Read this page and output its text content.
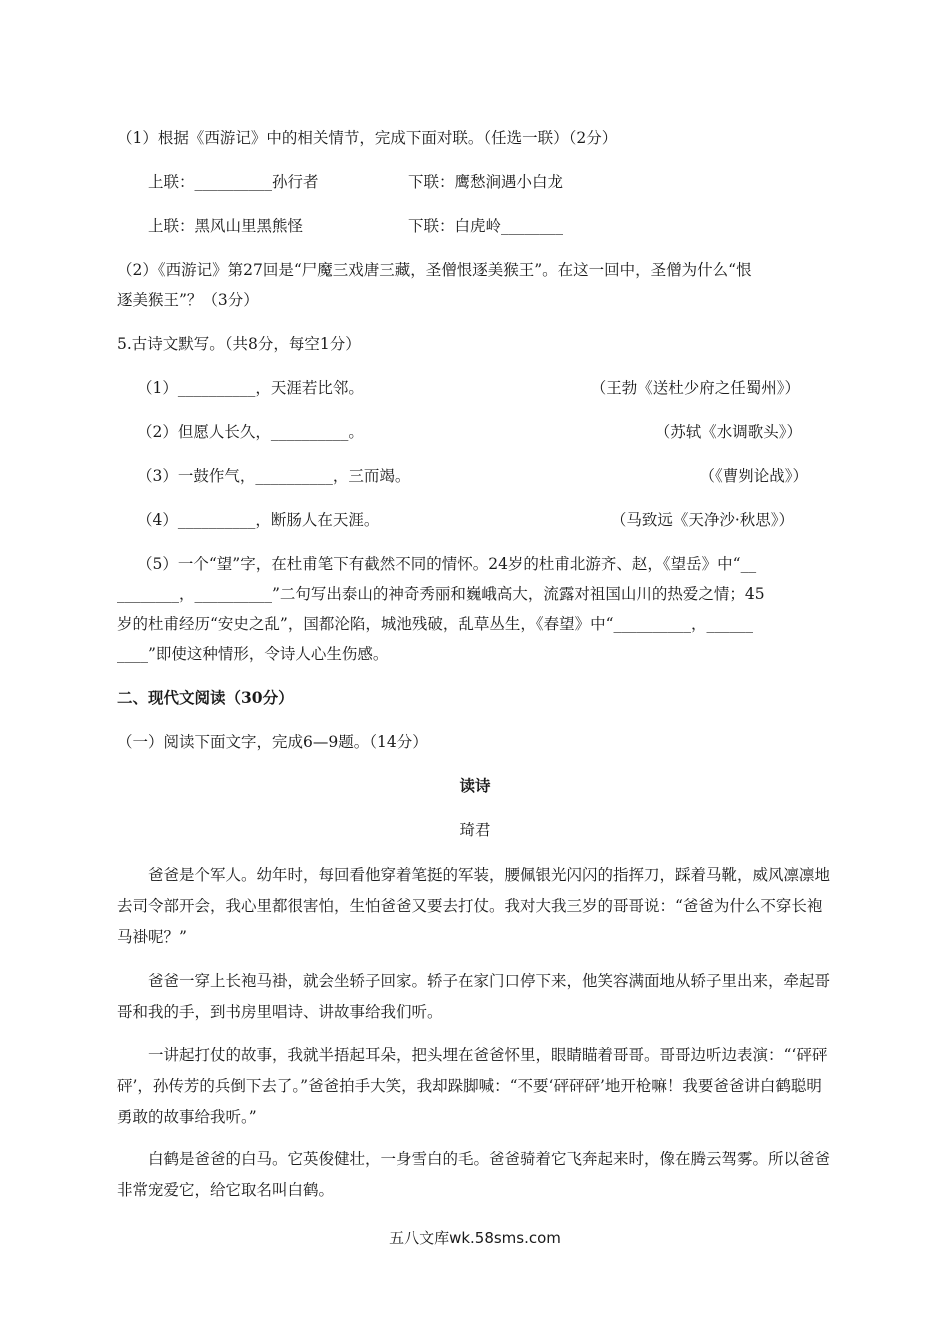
（1）根据《西游记》中的相关情节，完成下面对联。（任选一联）（2分）
上联：__________孙行者	下联：鹰愁涧遇小白龙
上联：黑风山里黑熊怪	下联：白虎岭________
（2）《西游记》第27回是“尸魔三戏唐三藏，圣僧恨逐美猴王”。在这一回中，圣僧为什么“恨
逐美猴王”？（3分）
5.古诗文默写。（共8分，每空1分）
（1）__________，天涯若比邻。	（王勃《送杜少府之任蜀州》）
（2）但愿人长久，__________。	（苏轼《水调歌头》）
（3）一鼓作气，__________，三而竭。	（《曹刿论战》）
（4）__________，断肠人在天涯。	（马致远《天净沙·秋思》）
（5）一个“望”字，在杜甫笔下有截然不同的情怀。24岁的杜甫北游齐、赵，《望岳》中“__
________，__________”二句写出泰山的神奇秀丽和巍峨高大，流露对祖国山川的热爱之情；45
岁的杜甫经历“安史之乱”，国都沦陷，城池残破，乱草丛生，《春望》中“__________，______
____”即使这种情形，令诗人心生伤感。
二、现代文阅读（30分）
（一）阅读下面文字，完成6—9题。（14分）
读诗
琦君

爸爸是个军人。幼年时，每回看他穿着笔挺的军装，腰佩银光闪闪的指挥刀，踩着马靴，威风凛凛地去司令部开会，我心里都很害怕，生怕爸爸又要去打仗。我对大我三岁的哥哥说：“爸爸为什么不穿长袍马褂呢？”

爸爸一穿上长袍马褂，就会坐轿子回家。轿子在家门口停下来，他笑容满面地从轿子里出来，牵起哥哥和我的手，到书房里唱诗、讲故事给我们听。

一讲起打仗的故事，我就半捂起耳朵，把头埋在爸爸怀里，眼睛瞄着哥哥。哥哥边听边表演：“‘砰砰砰’，孙传芳的兵倒下去了。”爸爸拍手大笑，我却跺脚喊：“不要‘砰砰砰’地开枪嘛！我要爸爸讲白鹤聪明勇敢的故事给我听。”

白鹤是爸爸的白马。它英俊健壮，一身雪白的毛。爸爸骑着它飞奔起来时，像在腾云驾雾。所以爸爸非常宠爱它，给它取名叫白鹤。

五八文库wk.58sms.com
